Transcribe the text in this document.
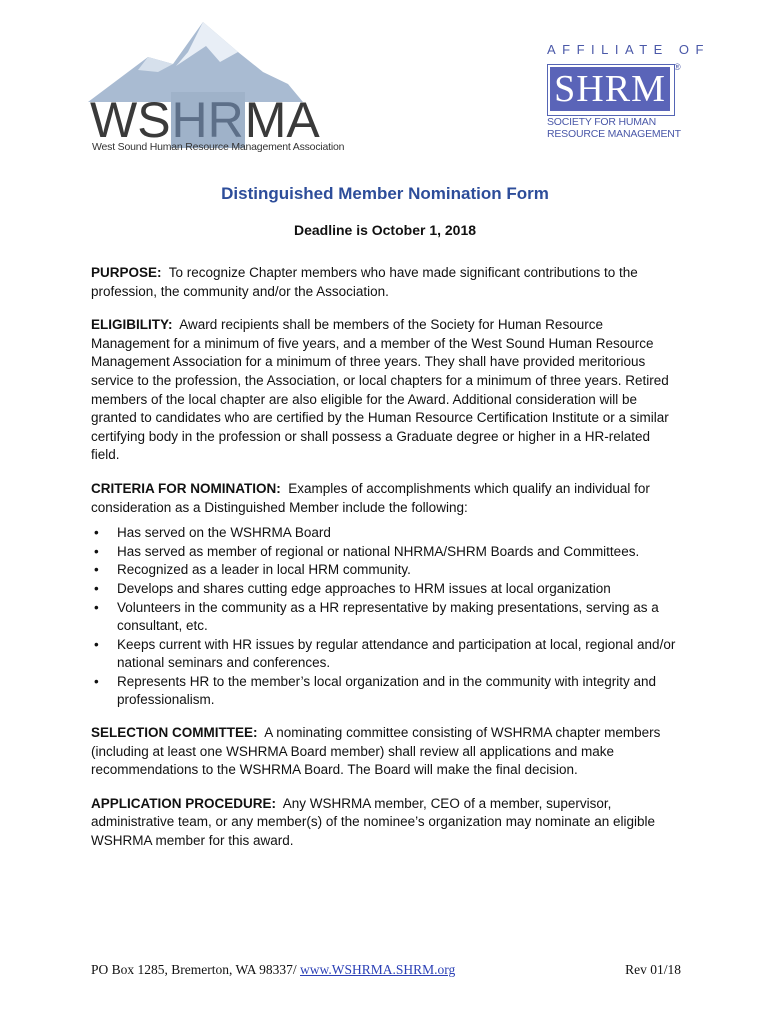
WSHRMA
West Sound Human Resource Management Association
AFFILIATE OF
SHRM
®
SOCIETY FOR HUMAN
RESOURCE MANAGEMENT
Distinguished Member Nomination Form
Deadline is October 1, 2018

PURPOSE: To recognize Chapter members who have made significant contributions to the profession, the community and/or the Association.

ELIGIBILITY: Award recipients shall be members of the Society for Human Resource Management for a minimum of five years, and a member of the West Sound Human Resource Management Association for a minimum of three years. They shall have provided meritorious service to the profession, the Association, or local chapters for a minimum of three years. Retired members of the local chapter are also eligible for the Award. Additional consideration will be granted to candidates who are certified by the Human Resource Certification Institute or a similar certifying body in the profession or shall possess a Graduate degree or higher in a HR-related field.

CRITERIA FOR NOMINATION: Examples of accomplishments which qualify an individual for consideration as a Distinguished Member include the following:

• Has served on the WSHRMA Board
• Has served as member of regional or national NHRMA/SHRM Boards and Committees.
• Recognized as a leader in local HRM community.
• Develops and shares cutting edge approaches to HRM issues at local organization
• Volunteers in the community as a HR representative by making presentations, serving as a consultant, etc.
• Keeps current with HR issues by regular attendance and participation at local, regional and/or national seminars and conferences.
• Represents HR to the member’s local organization and in the community with integrity and professionalism.

SELECTION COMMITTEE: A nominating committee consisting of WSHRMA chapter members (including at least one WSHRMA Board member) shall review all applications and make recommendations to the WSHRMA Board. The Board will make the final decision.

APPLICATION PROCEDURE: Any WSHRMA member, CEO of a member, supervisor, administrative team, or any member(s) of the nominee’s organization may nominate an eligible WSHRMA member for this award.

PO Box 1285, Bremerton, WA 98337/ www.WSHRMA.SHRM.org	Rev 01/18
